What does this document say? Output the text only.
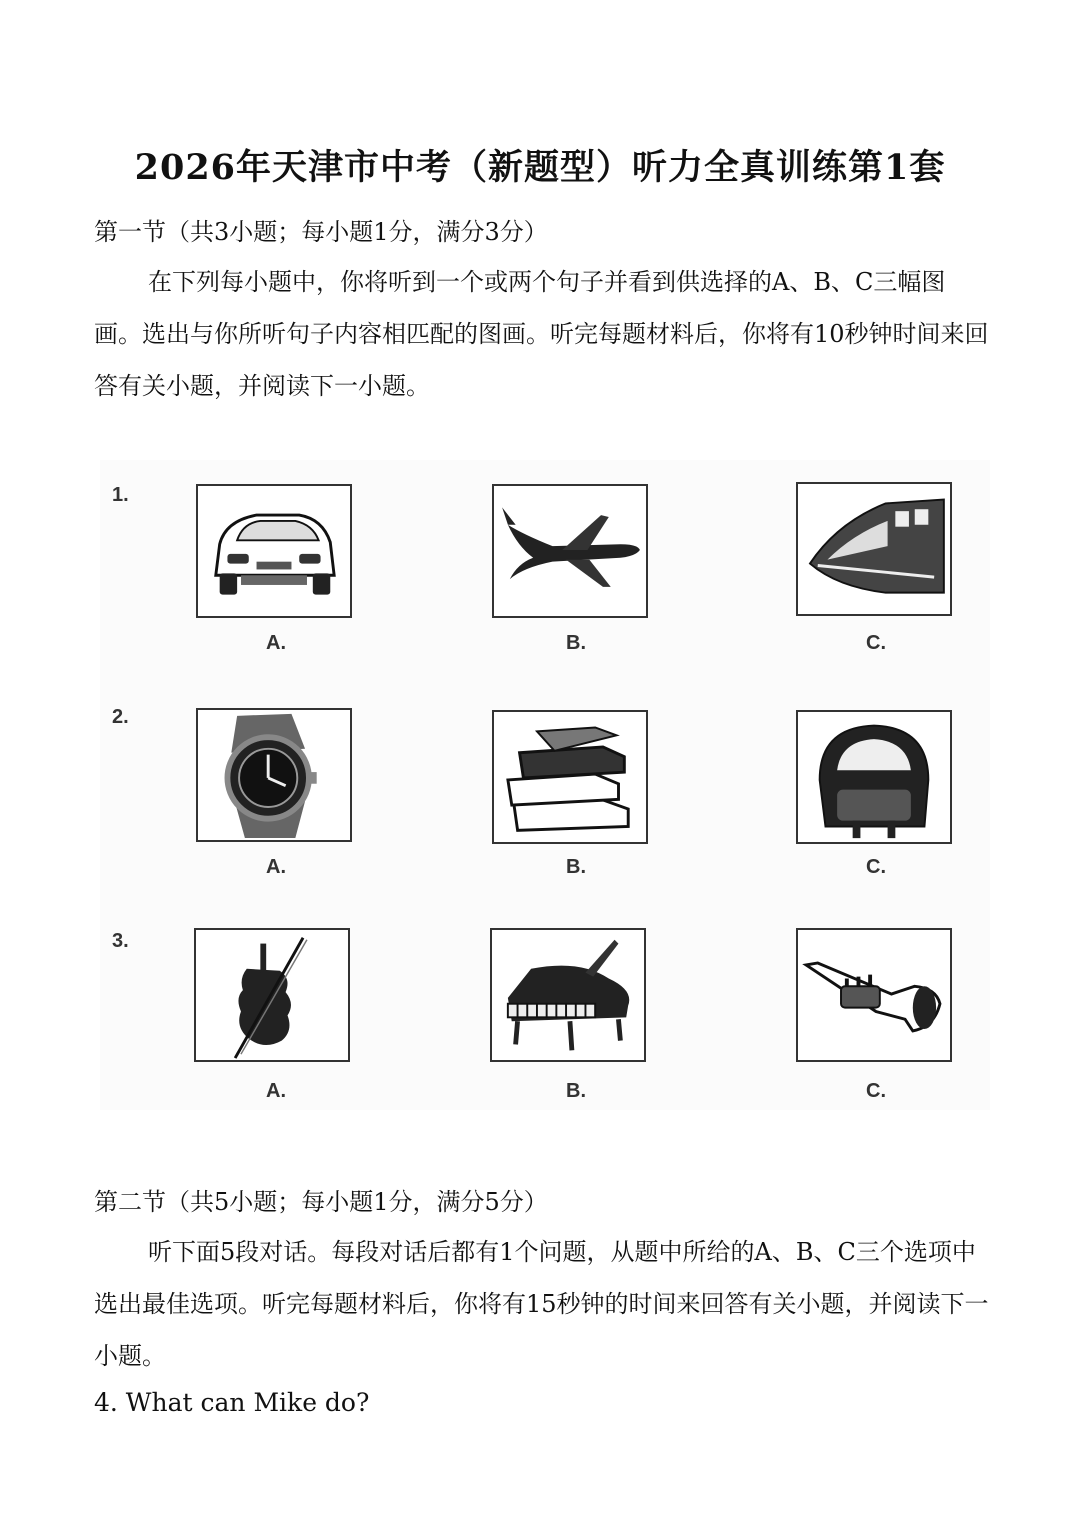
2026年天津市中考（新题型）听力全真训练第1套
第一节（共3小题；每小题1分，满分3分）
在下列每小题中，你将听到一个或两个句子并看到供选择的A、B、C三幅图画。选出与你所听句子内容相匹配的图画。听完每题材料后，你将有10秒钟时间来回答有关小题，并阅读下一小题。
1.
A.	B.	C.
2.
A.	B.	C.
3.
A.	B.	C.
第二节（共5小题；每小题1分，满分5分）
听下面5段对话。每段对话后都有1个问题，从题中所给的A、B、C三个选项中选出最佳选项。听完每题材料后，你将有15秒钟的时间来回答有关小题，并阅读下一小题。
4. What can Mike do?
